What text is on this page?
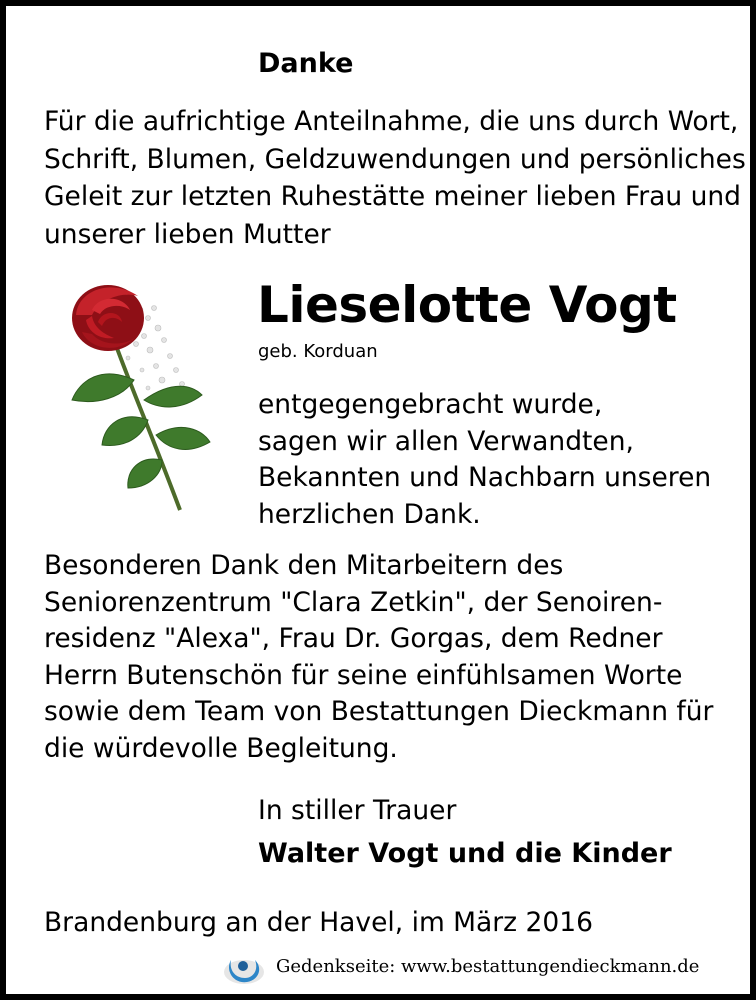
Danke

Für die aufrichtige Anteilnahme, die uns durch Wort,
Schrift, Blumen, Geldzuwendungen und persönliches
Geleit zur letzten Ruhestätte meiner lieben Frau und
unserer lieben Mutter

Lieselotte Vogt

geb. Korduan

entgegengebracht wurde,
sagen wir allen Verwandten,
Bekannten und Nachbarn unseren
herzlichen Dank.

Besonderen Dank den Mitarbeitern des
Seniorenzentrum "Clara Zetkin", der Senoiren-
residenz "Alexa", Frau Dr. Gorgas, dem Redner
Herrn Butenschön für seine einfühlsamen Worte
sowie dem Team von Bestattungen Dieckmann für
die würdevolle Begleitung.

In stiller Trauer

Walter Vogt und die Kinder

Brandenburg an der Havel, im März 2016

Gedenkseite: www.bestattungendieckmann.de
